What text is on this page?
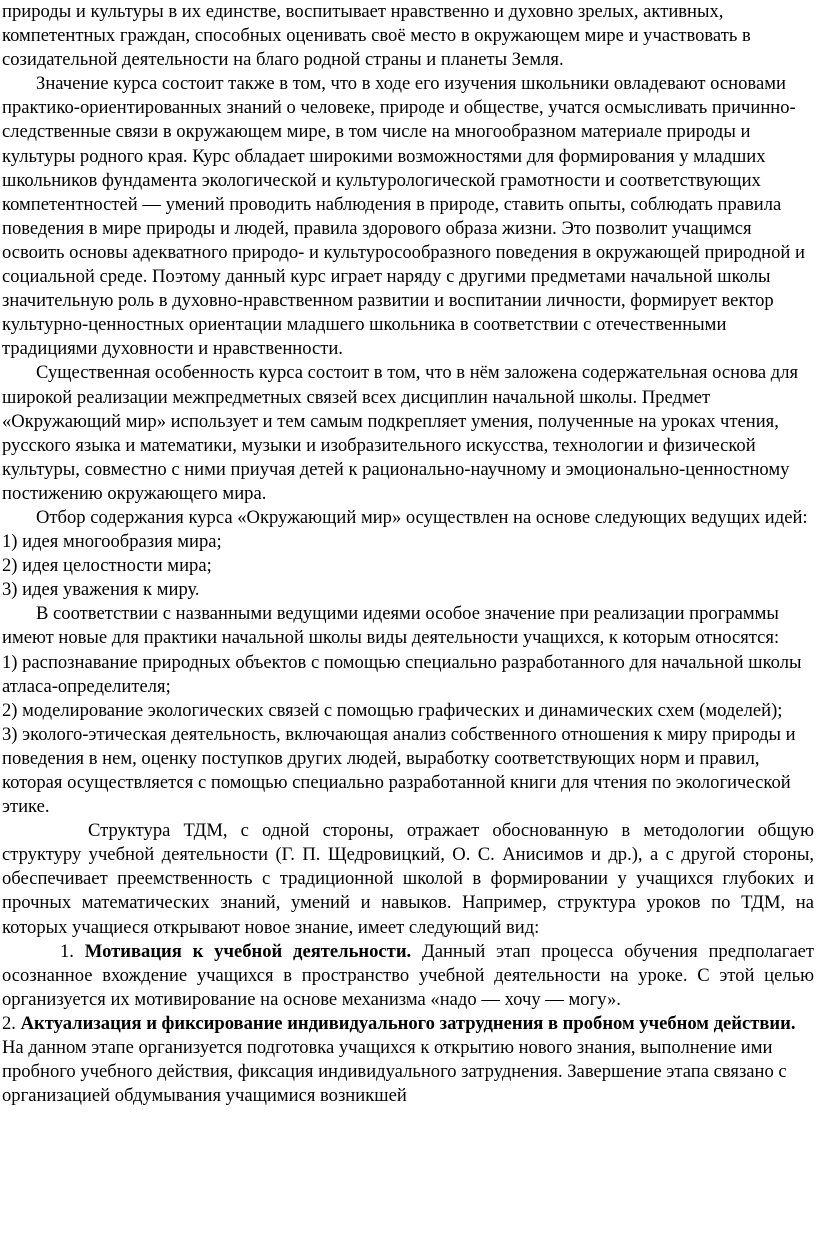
природы и культуры в их единстве, воспитывает нравственно и духовно зрелых, активных, компетентных граждан, способных оценивать своё место в окружающем мире и участвовать в созидательной деятельности на благо родной страны и планеты Земля.

Значение курса состоит также в том, что в ходе его изучения школьники овладевают основами практико-ориентированных знаний о человеке, природе и обществе, учатся осмысливать причинно-следственные связи в окружающем мире, в том числе на многообразном материале природы и культуры родного края. Курс обладает широкими возможностями для формирования у младших школьников фундамента экологической и культурологической грамотности и соответствующих компетентностей — умений проводить наблюдения в природе, ставить опыты, соблюдать правила поведения в мире природы и людей, правила здорового образа жизни. Это позволит учащимся освоить основы адекватного природо- и культуросообразного поведения в окружающей природной и социальной среде. Поэтому данный курс играет наряду с другими предметами начальной школы значительную роль в духовно-нравственном развитии и воспитании личности, формирует вектор культурно-ценностных ориентации младшего школьника в соответствии с отечественными традициями духовности и нравственности.

Существенная особенность курса состоит в том, что в нём заложена содержательная основа для широкой реализации межпредметных связей всех дисциплин начальной школы. Предмет «Окружающий мир» использует и тем самым подкрепляет умения, полученные на уроках чтения, русского языка и математики, музыки и изобразительного искусства, технологии и физической культуры, совместно с ними приучая детей к рационально-научному и эмоционально-ценностному постижению окружающего мира.

Отбор содержания курса «Окружающий мир» осуществлен на основе следующих ведущих идей:

1) идея многообразия мира;

2) идея целостности мира;

3) идея уважения к миру.

В соответствии с названными ведущими идеями особое значение при реализации программы имеют новые для практики начальной школы виды деятельности учащихся, к которым относятся:

1) распознавание природных объектов с помощью специально разработанного для начальной школы атласа-определителя;

2) моделирование экологических связей с помощью графических и динамических схем (моделей);

3) эколого-этическая деятельность, включающая анализ собственного отношения к миру природы и поведения в нем, оценку поступков других людей, выработку соответствующих норм и правил, которая осуществляется с помощью специально разработанной книги для чтения по экологической этике.

Структура ТДМ, с одной стороны, отражает обоснованную в методологии общую структуру учебной деятельности (Г. П. Щедровицкий, О. С. Анисимов и др.), а с другой стороны, обеспечивает преемственность с традиционной школой в формировании у учащихся глубоких и прочных математических знаний, умений и навыков. Например, структура уроков по ТДМ, на которых учащиеся открывают новое знание, имеет следующий вид:

1. Мотивация к учебной деятельности. Данный этап процесса обучения предполагает осознанное вхождение учащихся в пространство учебной деятельности на уроке. С этой целью организуется их мотивирование на основе механизма «надо — хочу — могу».

2. Актуализация и фиксирование индивидуального затруднения в пробном учебном действии. На данном этапе организуется подготовка учащихся к открытию нового знания, выполнение ими пробного учебного действия, фиксация индивидуального затруднения. Завершение этапа связано с организацией обдумывания учащимися возникшей
